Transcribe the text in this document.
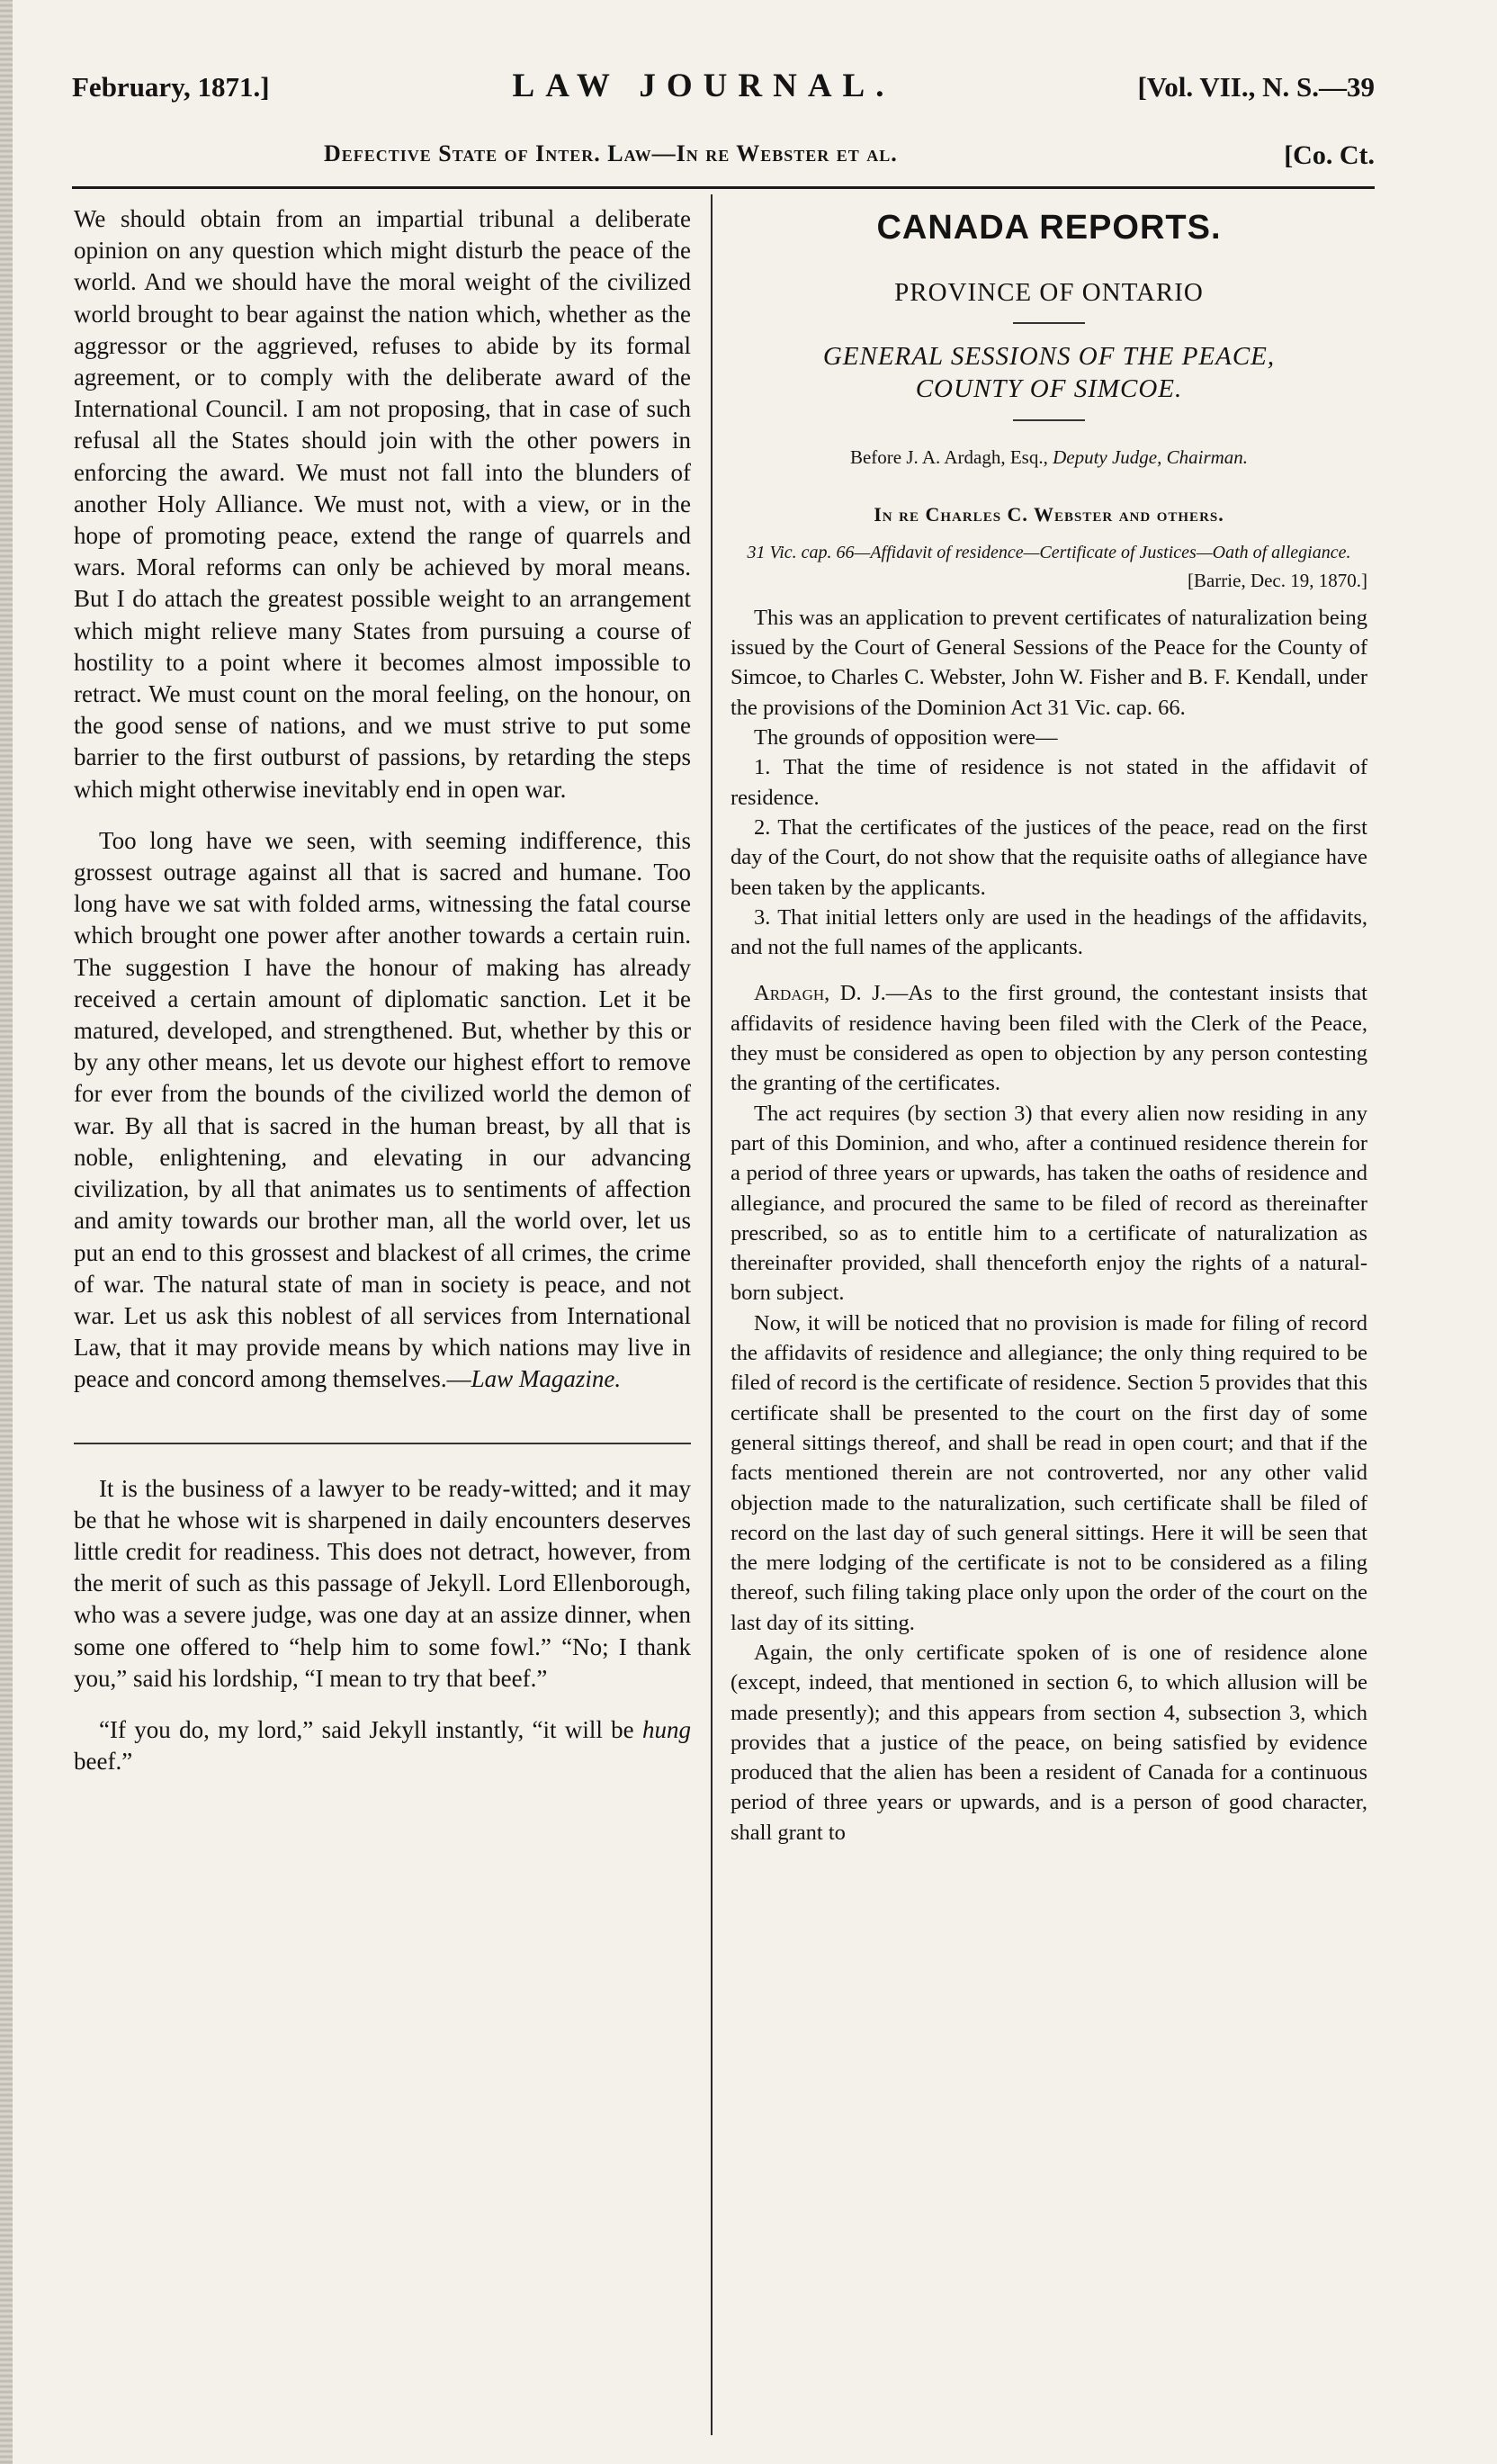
February, 1871.]	LAW JOURNAL.	[Vol. VII., N. S.—39
Defective State of Inter. Law—In re Webster et al.	[Co. Ct.

We should obtain from an impartial tribunal a deliberate opinion on any question which might disturb the peace of the world. And we should have the moral weight of the civilized world brought to bear against the nation which, whether as the aggressor or the aggrieved, refuses to abide by its formal agreement, or to comply with the deliberate award of the International Council. I am not proposing, that in case of such refusal all the States should join with the other powers in enforcing the award. We must not fall into the blunders of another Holy Alliance. We must not, with a view, or in the hope of promoting peace, extend the range of quarrels and wars. Moral reforms can only be achieved by moral means. But I do attach the greatest possible weight to an arrangement which might relieve many States from pursuing a course of hostility to a point where it becomes almost impossible to retract. We must count on the moral feeling, on the honour, on the good sense of nations, and we must strive to put some barrier to the first outburst of passions, by retarding the steps which might otherwise inevitably end in open war.

Too long have we seen, with seeming indifference, this grossest outrage against all that is sacred and humane. Too long have we sat with folded arms, witnessing the fatal course which brought one power after another towards a certain ruin. The suggestion I have the honour of making has already received a certain amount of diplomatic sanction. Let it be matured, developed, and strengthened. But, whether by this or by any other means, let us devote our highest effort to remove for ever from the bounds of the civilized world the demon of war. By all that is sacred in the human breast, by all that is noble, enlightening, and elevating in our advancing civilization, by all that animates us to sentiments of affection and amity towards our brother man, all the world over, let us put an end to this grossest and blackest of all crimes, the crime of war. The natural state of man in society is peace, and not war. Let us ask this noblest of all services from International Law, that it may provide means by which nations may live in peace and concord among themselves.—Law Magazine.

It is the business of a lawyer to be ready-witted; and it may be that he whose wit is sharpened in daily encounters deserves little credit for readiness. This does not detract, however, from the merit of such as this passage of Jekyll. Lord Ellenborough, who was a severe judge, was one day at an assize dinner, when some one offered to “help him to some fowl.” “No; I thank you,” said his lordship, “I mean to try that beef.”

“If you do, my lord,” said Jekyll instantly, “it will be hung beef.”

CANADA REPORTS.
PROVINCE OF ONTARIO
GENERAL SESSIONS OF THE PEACE,
COUNTY OF SIMCOE.

Before J. A. Ardagh, Esq., Deputy Judge, Chairman.

In re Charles C. Webster and others.

31 Vic. cap. 66—Affidavit of residence—Certificate of Justices—Oath of allegiance.

[Barrie, Dec. 19, 1870.]

This was an application to prevent certificates of naturalization being issued by the Court of General Sessions of the Peace for the County of Simcoe, to Charles C. Webster, John W. Fisher and B. F. Kendall, under the provisions of the Dominion Act 31 Vic. cap. 66.

The grounds of opposition were—

1. That the time of residence is not stated in the affidavit of residence.

2. That the certificates of the justices of the peace, read on the first day of the Court, do not show that the requisite oaths of allegiance have been taken by the applicants.

3. That initial letters only are used in the headings of the affidavits, and not the full names of the applicants.

Ardagh, D. J.—As to the first ground, the contestant insists that affidavits of residence having been filed with the Clerk of the Peace, they must be considered as open to objection by any person contesting the granting of the certificates.

The act requires (by section 3) that every alien now residing in any part of this Dominion, and who, after a continued residence therein for a period of three years or upwards, has taken the oaths of residence and allegiance, and procured the same to be filed of record as thereinafter prescribed, so as to entitle him to a certificate of naturalization as thereinafter provided, shall thenceforth enjoy the rights of a natural-born subject.

Now, it will be noticed that no provision is made for filing of record the affidavits of residence and allegiance; the only thing required to be filed of record is the certificate of residence. Section 5 provides that this certificate shall be presented to the court on the first day of some general sittings thereof, and shall be read in open court; and that if the facts mentioned therein are not controverted, nor any other valid objection made to the naturalization, such certificate shall be filed of record on the last day of such general sittings. Here it will be seen that the mere lodging of the certificate is not to be considered as a filing thereof, such filing taking place only upon the order of the court on the last day of its sitting.

Again, the only certificate spoken of is one of residence alone (except, indeed, that mentioned in section 6, to which allusion will be made presently); and this appears from section 4, subsection 3, which provides that a justice of the peace, on being satisfied by evidence produced that the alien has been a resident of Canada for a continuous period of three years or upwards, and is a person of good character, shall grant to
